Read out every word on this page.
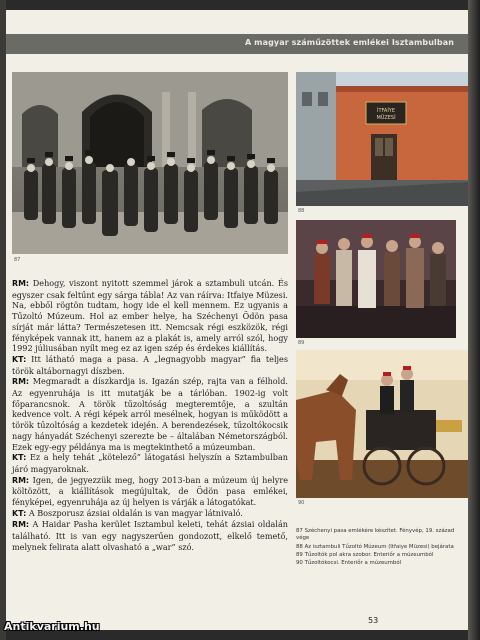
A magyar száműzöttek emlékei Isztambulban
87
İTFAİYE
MÜZESİ
88
89
90

RM: Dehogy, viszont nyitott szemmel járok a sztambuli utcán. És egyszer csak feltűnt egy sárga tábla! Az van ráírva: Itfaiye Müzesi. Na, ebből rögtön tudtam, hogy ide el kell mennem. Ez ugyanis a Tűzoltó Múzeum. Hol az ember helye, ha Széchenyi Ödön pasa sírját már látta? Természetesen itt. Nemcsak régi eszközök, régi fényképek vannak itt, hanem az a plakát is, amely arról szól, hogy 1992 júliusában nyílt meg ez az igen szép és érdekes kiállítás.

KT: Itt látható maga a pasa. A „legnagyobb magyar” fia teljes török altábornagyi díszben.

RM: Megmaradt a díszkardja is. Igazán szép, rajta van a félhold. Az egyenruhája is itt mutatják be a tárlóban. 1902-ig volt főparancsnok. A török tűzoltóság megteremtője, a szultán kedvence volt. A régi képek arról mesélnek, hogyan is működött a török tűzoltóság a kezdetek idején. A berendezések, tűzoltókocsik nagy hányadát Széchenyi szerezte be – általában Németországból. Ezek egy-egy példánya ma is megtekinthető a múzeumban.

KT: Ez a hely tehát „kötelező” látogatási helyszín a Sztambulban járó magyaroknak.

RM: Igen, de jegyezzük meg, hogy 2013-ban a múzeum új helyre költözött, a kiállítások megújultak, de Ödön pasa emlékei, fényképei, egyenruhája az új helyen is várják a látogatókat.

KT: A Boszporusz ázsiai oldalán is van magyar látnivaló.

RM: A Haidar Pasha kerület Isztambul keleti, tehát ázsiai oldalán található. Itt is van egy nagyszerűen gondozott, elkelő temető, melynek felirata alatt olvasható a „war” szó.

87 Széchenyi pasa emlékére készítet. Fényvép, 19. század vége

88 Az isztambuli Tűzoltó Múzeum (Itfaiye Müzesi) bejárata

89 Tűzoltók pol akra szobor. Enteriőr a múzeumból

90 Tűzoltókocsi. Enteriőr a múzeumból

53
Antikvarium.hu
